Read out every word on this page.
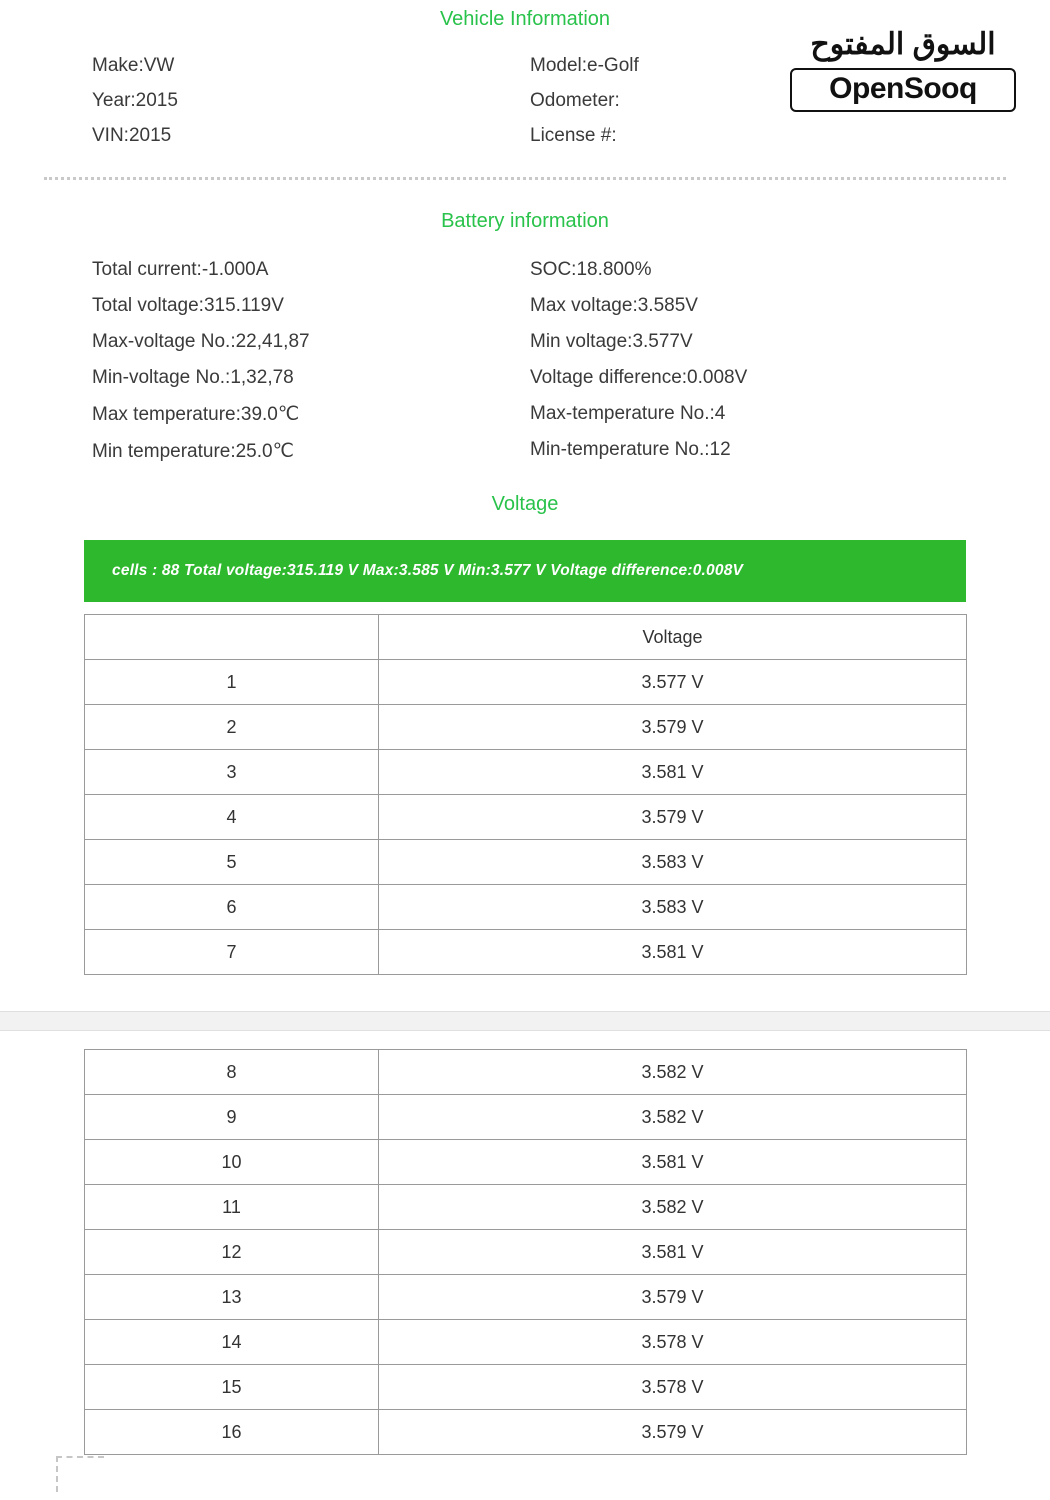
Vehicle Information
السوق المفتوح
OpenSooq
Make:VW
Year:2015
VIN:2015
Model:e-Golf
Odometer:
License #:
Battery information
Total current:-1.000A
Total voltage:315.119V
Max-voltage No.:22,41,87
Min-voltage No.:1,32,78
Max temperature:39.0℃
Min temperature:25.0℃
SOC:18.800%
Max voltage:3.585V
Min voltage:3.577V
Voltage difference:0.008V
Max-temperature No.:4
Min-temperature No.:12
Voltage
cells : 88 Total voltage:315.119 V Max:3.585 V Min:3.577 V Voltage difference:0.008V
	Voltage
1	3.577 V
2	3.579 V
3	3.581 V
4	3.579 V
5	3.583 V
6	3.583 V
7	3.581 V
8	3.582 V
9	3.582 V
10	3.581 V
11	3.582 V
12	3.581 V
13	3.579 V
14	3.578 V
15	3.578 V
16	3.579 V
